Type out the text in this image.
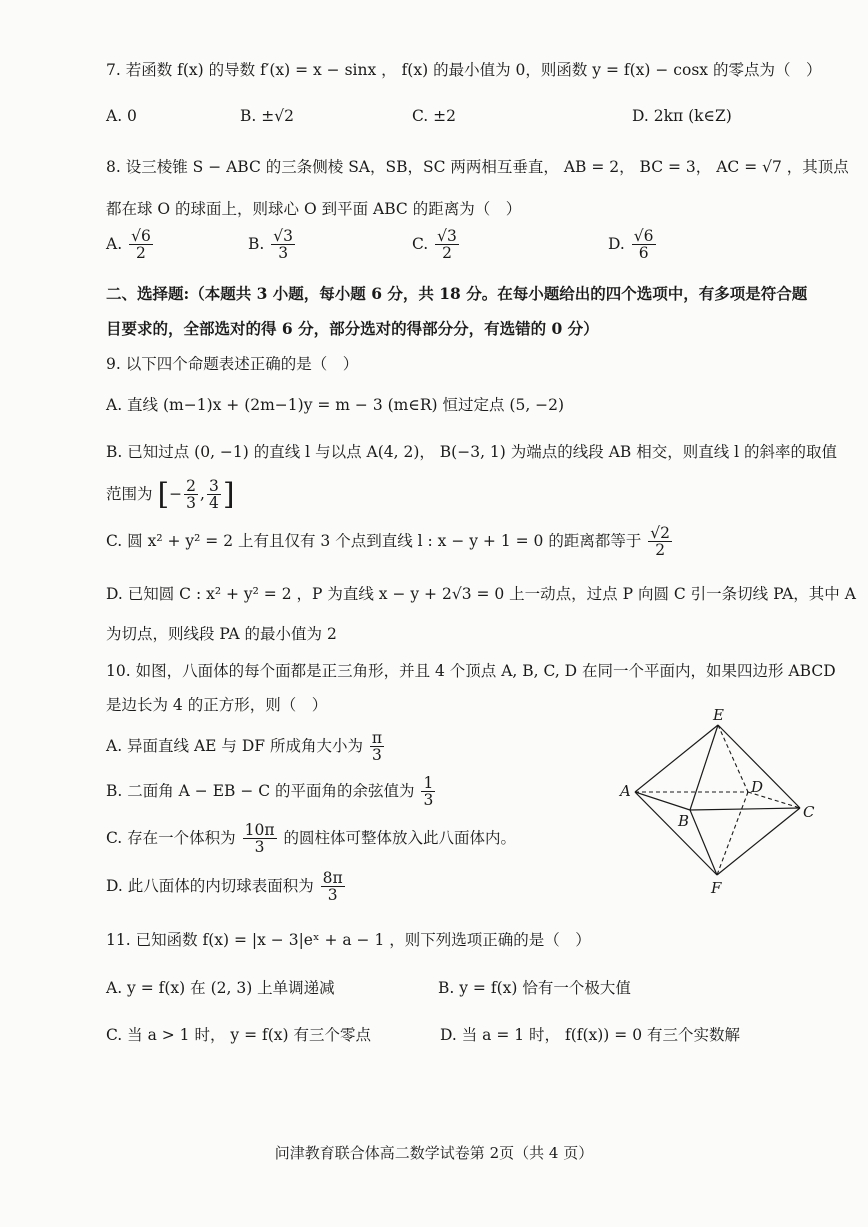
7. 若函数 f(x) 的导数 f′(x) = x − sinx ， f(x) 的最小值为 0，则函数 y = f(x) − cosx 的零点为（　）
A. 0	B. ±√2	C. ±2	D. 2kπ (k∈Z)
8. 设三棱锥 S − ABC 的三条侧棱 SA，SB，SC 两两相互垂直， AB = 2， BC = 3， AC = √7 ，其顶点
都在球 O 的球面上，则球心 O 到平面 ABC 的距离为（　）
A. $\frac{√6}{2}$	B. $\frac{√3}{3}$	C. $\frac{√3}{2}$	D. $\frac{√6}{6}$
二、选择题:（本题共 3 小题，每小题 6 分，共 18 分。在每小题给出的四个选项中，有多项是符合题
目要求的，全部选对的得 6 分，部分选对的得部分分，有选错的 0 分）
9. 以下四个命题表述正确的是（　）
A. 直线 (m−1)x + (2m−1)y = m − 3 (m∈R) 恒过定点 (5, −2)
B. 已知过点 (0, −1) 的直线 l 与以点 A(4, 2)， B(−3, 1) 为端点的线段 AB 相交，则直线 l 的斜率的取值
范围为 [− $\frac{2}{3}$ , $\frac{3}{4}$ ]
C. 圆 x² + y² = 2 上有且仅有 3 个点到直线 l : x − y + 1 = 0 的距离都等于 $\frac{√2}{2}$
D. 已知圆 C : x² + y² = 2 ，P 为直线 x − y + 2√3 = 0 上一动点，过点 P 向圆 C 引一条切线 PA，其中 A
为切点，则线段 PA 的最小值为 2
10. 如图，八面体的每个面都是正三角形，并且 4 个顶点 A, B, C, D 在同一个平面内，如果四边形 ABCD
是边长为 4 的正方形，则（　）
A. 异面直线 AE 与 DF 所成角大小为 $\frac{\pi}{3}$
B. 二面角 A − EB − C 的平面角的余弦值为 $\frac{1}{3}$
C. 存在一个体积为 $\frac{10\pi}{3}$ 的圆柱体可整体放入此八面体内。
D. 此八面体的内切球表面积为 $\frac{8\pi}{3}$
E
A	D
B	C
F
11. 已知函数 f(x) = |x − 3|eˣ + a − 1 ，则下列选项正确的是（　）
A. y = f(x) 在 (2, 3) 上单调递减	B. y = f(x) 恰有一个极大值
C. 当 a > 1 时， y = f(x) 有三个零点	D. 当 a = 1 时， f(f(x)) = 0 有三个实数解
问津教育联合体高二数学试卷第 2页（共 4 页）
